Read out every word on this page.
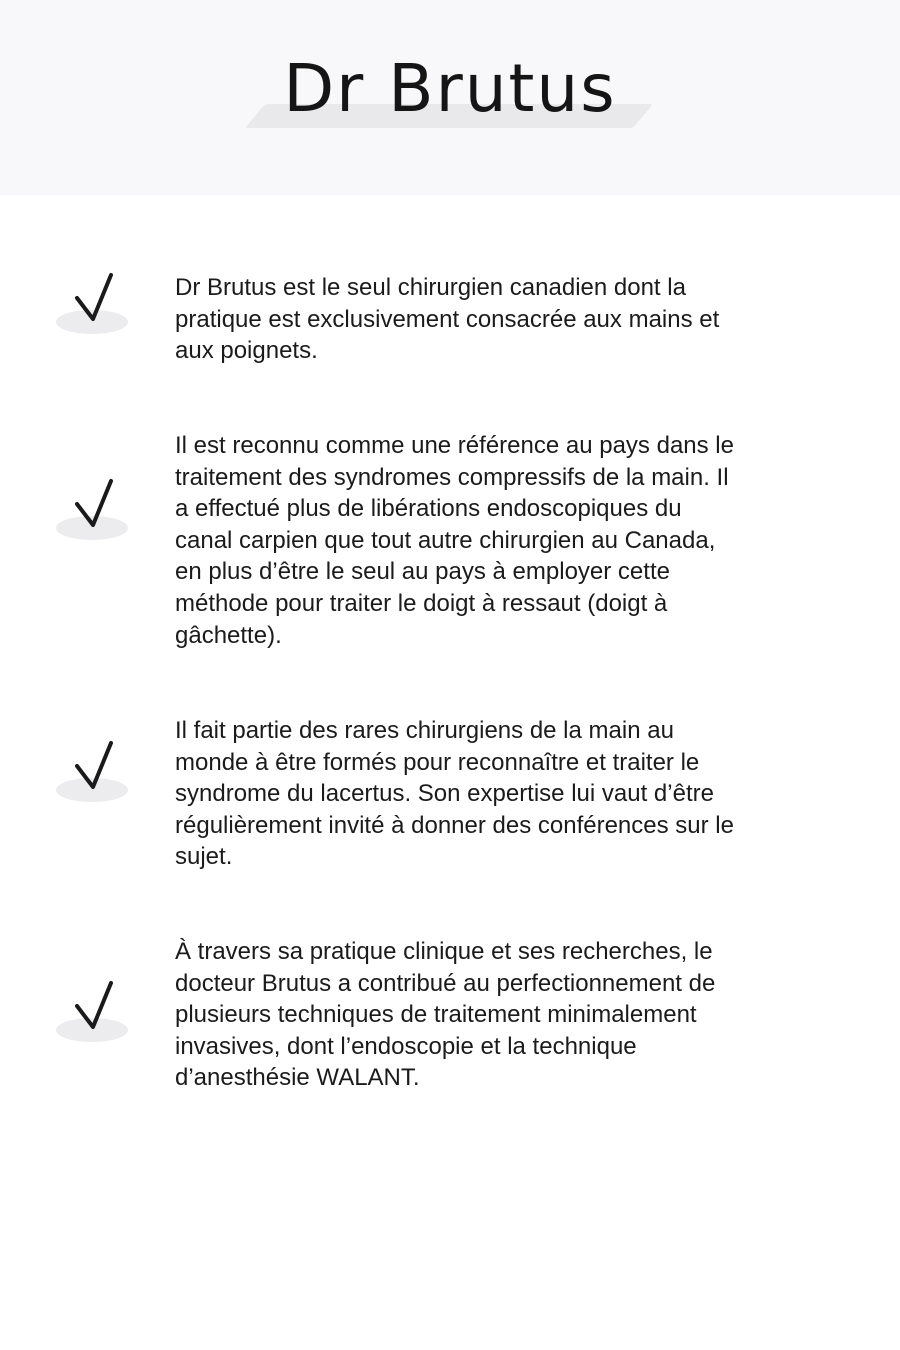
Dr Brutus

Dr Brutus est le seul chirurgien canadien dont la pratique est exclusivement consacrée aux mains et aux poignets.

Il est reconnu comme une référence au pays dans le traitement des syndromes compressifs de la main. Il a effectué plus de libérations endoscopiques du canal carpien que tout autre chirurgien au Canada, en plus d’être le seul au pays à employer cette méthode pour traiter le doigt à ressaut (doigt à gâchette).

Il fait partie des rares chirurgiens de la main au monde à être formés pour reconnaître et traiter le syndrome du lacertus. Son expertise lui vaut d’être régulièrement invité à donner des conférences sur le sujet.

À travers sa pratique clinique et ses recherches, le docteur Brutus a contribué au perfectionnement de plusieurs techniques de traitement minimalement invasives, dont l’endoscopie et la technique d’anesthésie WALANT.
